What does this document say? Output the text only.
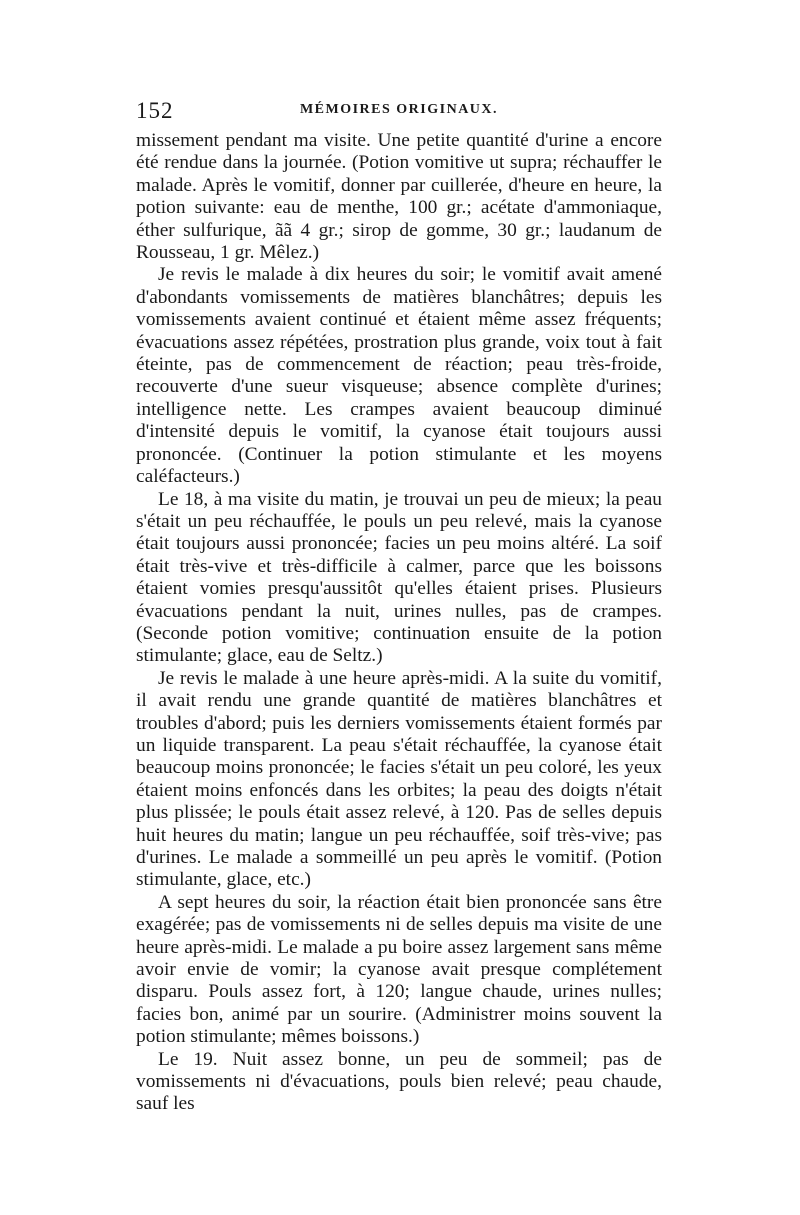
152	MÉMOIRES ORIGINAUX.

missement pendant ma visite. Une petite quantité d'urine a encore été rendue dans la journée. (Potion vomitive ut supra; réchauffer le malade. Après le vomitif, donner par cuillerée, d'heure en heure, la potion suivante: eau de menthe, 100 gr.; acétate d'ammoniaque, éther sulfurique, ãã 4 gr.; sirop de gomme, 30 gr.; laudanum de Rousseau, 1 gr. Mêlez.)

Je revis le malade à dix heures du soir; le vomitif avait amené d'abondants vomissements de matières blanchâtres; depuis les vomissements avaient continué et étaient même assez fréquents; évacuations assez répétées, prostration plus grande, voix tout à fait éteinte, pas de commencement de réaction; peau très-froide, recouverte d'une sueur visqueuse; absence complète d'urines; intelligence nette. Les crampes avaient beaucoup diminué d'intensité depuis le vomitif, la cyanose était toujours aussi prononcée. (Continuer la potion stimulante et les moyens caléfacteurs.)

Le 18, à ma visite du matin, je trouvai un peu de mieux; la peau s'était un peu réchauffée, le pouls un peu relevé, mais la cyanose était toujours aussi prononcée; facies un peu moins altéré. La soif était très-vive et très-difficile à calmer, parce que les boissons étaient vomies presqu'aussitôt qu'elles étaient prises. Plusieurs évacuations pendant la nuit, urines nulles, pas de crampes. (Seconde potion vomitive; continuation ensuite de la potion stimulante; glace, eau de Seltz.)

Je revis le malade à une heure après-midi. A la suite du vomitif, il avait rendu une grande quantité de matières blanchâtres et troubles d'abord; puis les derniers vomissements étaient formés par un liquide transparent. La peau s'était réchauffée, la cyanose était beaucoup moins prononcée; le facies s'était un peu coloré, les yeux étaient moins enfoncés dans les orbites; la peau des doigts n'était plus plissée; le pouls était assez relevé, à 120. Pas de selles depuis huit heures du matin; langue un peu réchauffée, soif très-vive; pas d'urines. Le malade a sommeillé un peu après le vomitif. (Potion stimulante, glace, etc.)

A sept heures du soir, la réaction était bien prononcée sans être exagérée; pas de vomissements ni de selles depuis ma visite de une heure après-midi. Le malade a pu boire assez largement sans même avoir envie de vomir; la cyanose avait presque complétement disparu. Pouls assez fort, à 120; langue chaude, urines nulles; facies bon, animé par un sourire. (Administrer moins souvent la potion stimulante; mêmes boissons.)

Le 19. Nuit assez bonne, un peu de sommeil; pas de vomissements ni d'évacuations, pouls bien relevé; peau chaude, sauf les
